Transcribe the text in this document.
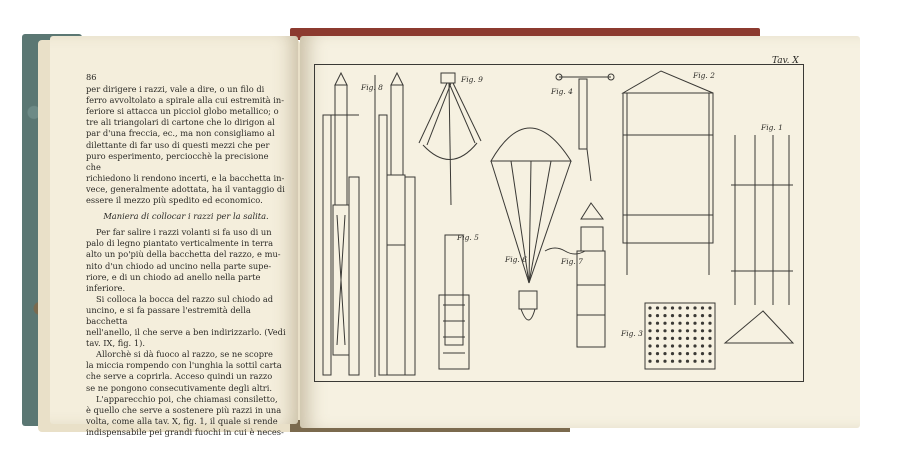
86
per dirigere i razzi, vale a dire, o un filo di
ferro avvoltolato a spirale alla cui estremità in-
feriore si attacca un picciol globo metallico; o
tre ali triangolari di cartone che lo dirigon al
par d'una freccia, ec., ma non consigliamo al
dilettante di far uso di questi mezzi che per
puro esperimento, perciocchè la precisione che
richiedono li rendono incerti, e la bacchetta in-
vece, generalmente adottata, ha il vantaggio di
essere il mezzo più spedito ed economico.
Maniera di collocar i razzi per la salita.
Per far salire i razzi volanti si fa uso di un
palo di legno piantato verticalmente in terra
alto un po'più della bacchetta del razzo, e mu-
nito d'un chiodo ad uncino nella parte supe-
riore, e di un chiodo ad anello nella parte
inferiore.
Si colloca la bocca del razzo sul chiodo ad
uncino, e si fa passare l'estremità della bacchetta
nell'anello, il che serve a ben indirizzarlo. (Vedi
tav. IX, fig. 1).
Allorchè si dà fuoco al razzo, se ne scopre
la miccia rompendo con l'unghia la sottil carta
che serve a coprirla. Acceso quindi un razzo
se ne pongono consecutivamente degli altri.
L'apparecchio poi, che chiamasi consiletto,
è quello che serve a sostenere più razzi in una
volta, come alla tav. X, fig. 1, il quale si rende
indispensabile pei grandi fuochi in cui è neces-
Tav. X
Fig. 8
Fig. 9
Fig. 4
Fig. 2
Fig. 1
Fig. 5
Fig. 6	Fig. 7
Fig. 3
